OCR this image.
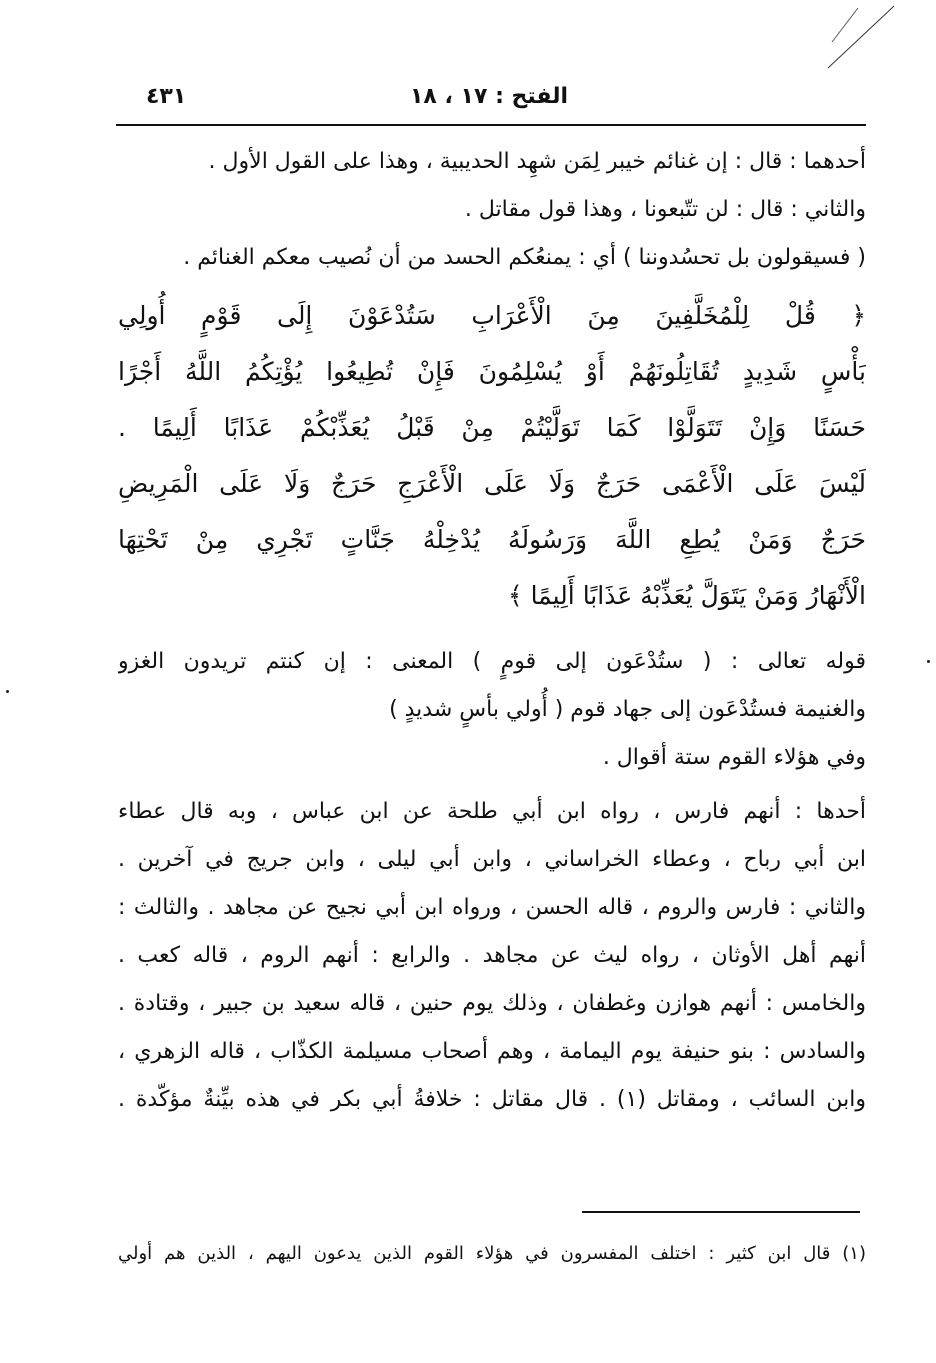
الفتح : ١٧ ، ١٨
٤٣١
أحدهما : قال : إن غنائم خيبر لِمَن شهِد الحديبية ، وهذا على القول الأول .
والثاني : قال : لن تتّبعونا ، وهذا قول مقاتل .
( فسيقولون بل تحسُدوننا ) أي : يمنعُكم الحسد من أن نُصيب معكم الغنائم .
﴿ قُلْ لِلْمُخَلَّفِينَ مِنَ الْأَعْرَابِ سَتُدْعَوْنَ إِلَى قَوْمٍ أُولِي
بَأْسٍ شَدِيدٍ تُقَاتِلُونَهُمْ أَوْ يُسْلِمُونَ فَإِنْ تُطِيعُوا يُؤْتِكُمُ اللَّهُ أَجْرًا
حَسَنًا وَإِنْ تَتَوَلَّوْا كَمَا تَوَلَّيْتُمْ مِنْ قَبْلُ يُعَذِّبْكُمْ عَذَابًا أَلِيمًا .
لَيْسَ عَلَى الْأَعْمَى حَرَجٌ وَلَا عَلَى الْأَعْرَجِ حَرَجٌ وَلَا عَلَى الْمَرِيضِ
حَرَجٌ وَمَنْ يُطِعِ اللَّهَ وَرَسُولَهُ يُدْخِلْهُ جَنَّاتٍ تَجْرِي مِنْ تَحْتِهَا
الْأَنْهَارُ وَمَنْ يَتَوَلَّ يُعَذِّبْهُ عَذَابًا أَلِيمًا ﴾
قوله تعالى : ( ستُدْعَون إلى قومٍ ) المعنى : إن كنتم تريدون الغزو
والغنيمة فستُدْعَون إلى جهاد قوم ( أُولي بأسٍ شديدٍ )
وفي هؤلاء القوم ستة أقوال .
أحدها : أنهم فارس ، رواه ابن أبي طلحة عن ابن عباس ، وبه قال عطاء
ابن أبي رباح ، وعطاء الخراساني ، وابن أبي ليلى ، وابن جريج في آخرين .
والثاني : فارس والروم ، قاله الحسن ، ورواه ابن أبي نجيح عن مجاهد . والثالث :
أنهم أهل الأوثان ، رواه ليث عن مجاهد . والرابع : أنهم الروم ، قاله كعب .
والخامس : أنهم هوازن وغطفان ، وذلك يوم حنين ، قاله سعيد بن جبير ، وقتادة .
والسادس : بنو حنيفة يوم اليمامة ، وهم أصحاب مسيلمة الكذّاب ، قاله الزهري ،
وابن السائب ، ومقاتل (١) . قال مقاتل : خلافةُ أبي بكر في هذه بيِّنةٌ مؤكّدة .
(١) قال ابن كثير : اختلف المفسرون في هؤلاء القوم الذين يدعون اليهم ، الذين هم أولي
